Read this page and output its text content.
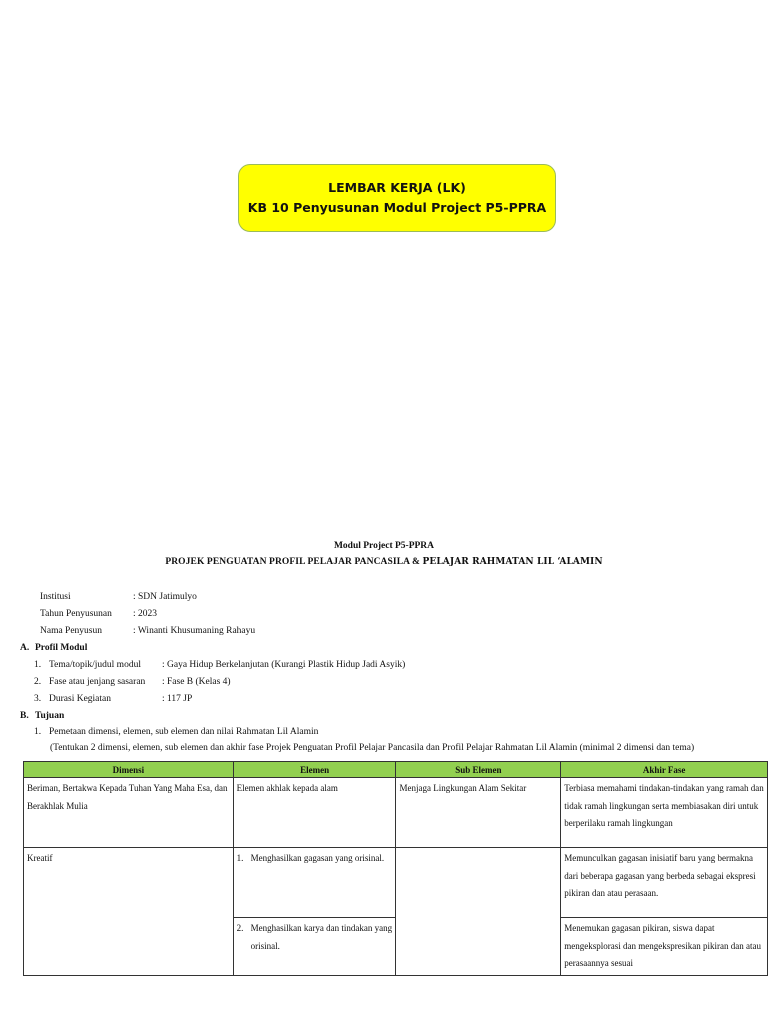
LEMBAR KERJA (LK)
KB 10 Penyusunan Modul Project P5-PPRA
Modul Project P5-PPRA
PROJEK PENGUATAN PROFIL PELAJAR PANCASILA & PELAJAR RAHMATAN LIL ‘ALAMIN
Institusi	: SDN Jatimulyo
Tahun Penyusunan : 2023
Nama Penyusun	: Winanti Khusumaning Rahayu
A. Profil Modul
1. Tema/topik/judul modul : Gaya Hidup Berkelanjutan (Kurangi Plastik Hidup Jadi Asyik)
2. Fase atau jenjang sasaran : Fase B (Kelas 4)
3. Durasi Kegiatan	: 117 JP
B. Tujuan
1. Pemetaan dimensi, elemen, sub elemen dan nilai Rahmatan Lil Alamin
(Tentukan 2 dimensi, elemen, sub elemen dan akhir fase Projek Penguatan Profil Pelajar Pancasila dan Profil Pelajar Rahmatan Lil Alamin (minimal 2 dimensi dan tema)
Dimensi	Elemen	Sub Elemen	Akhir Fase
Beriman, Bertakwa Kepada Tuhan Yang Maha Esa, dan Berakhlak Mulia	Elemen akhlak kepada alam	Menjaga Lingkungan Alam Sekitar	Terbiasa memahami tindakan-tindakan yang ramah dan tidak ramah lingkungan serta membiasakan diri untuk berperilaku ramah lingkungan
Kreatif	1. Menghasilkan gagasan yang orisinal.		Memunculkan gagasan inisiatif baru yang bermakna dari beberapa gagasan yang berbeda sebagai ekspresi pikiran dan atau perasaan.

	2. Menghasilkan karya dan tindakan yang orisinal.		Menemukan gagasan pikiran, siswa dapat mengeksplorasi dan mengekspresikan pikiran dan atau perasaannya sesuai
